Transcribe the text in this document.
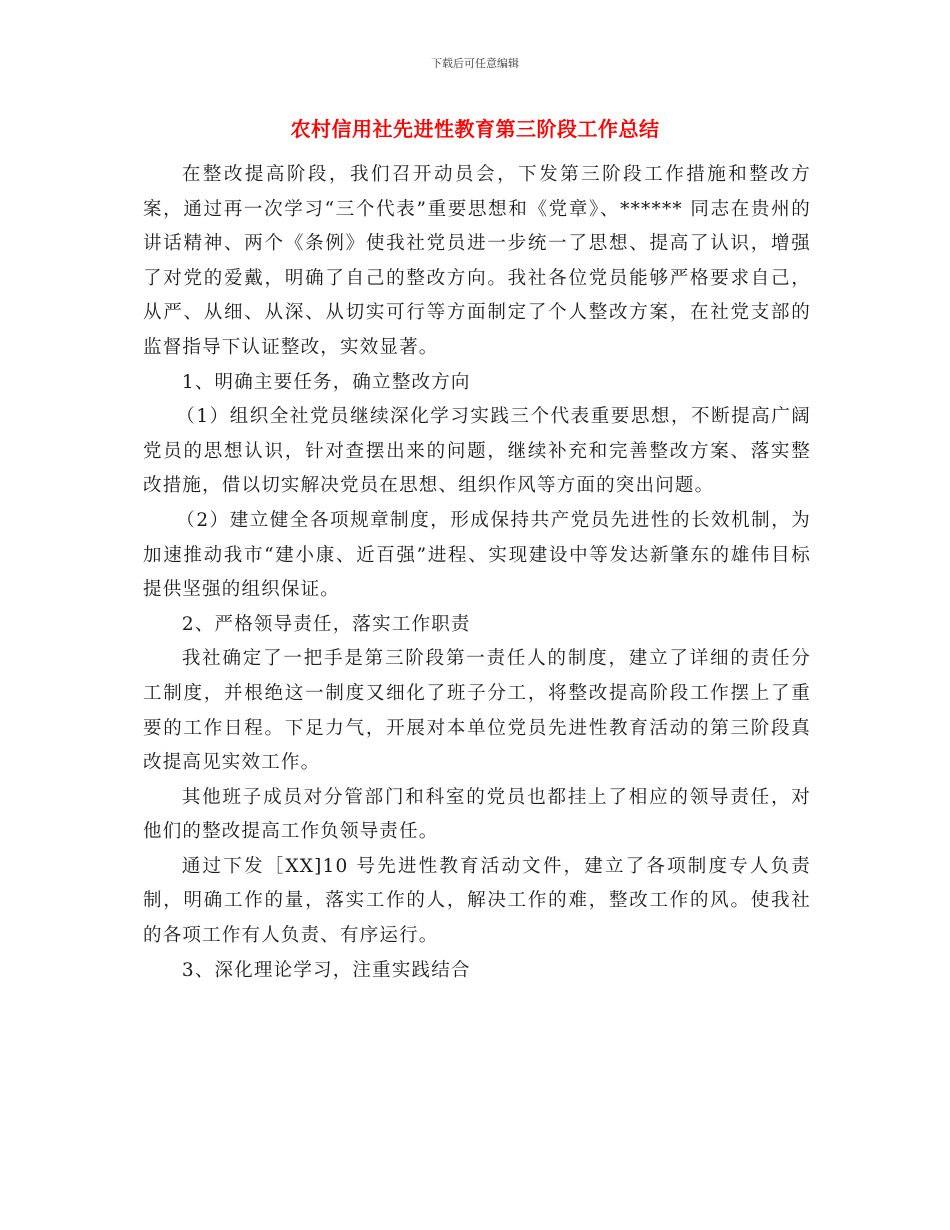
下载后可任意编辑
农村信用社先进性教育第三阶段工作总结

在整改提高阶段，我们召开动员会，下发第三阶段工作措施和整改方案，通过再一次学习“三个代表”重要思想和《党章》、****** 同志在贵州的讲话精神、两个《条例》使我社党员进一步统一了思想、提高了认识，增强了对党的爱戴，明确了自己的整改方向。我社各位党员能够严格要求自己，从严、从细、从深、从切实可行等方面制定了个人整改方案，在社党支部的监督指导下认证整改，实效显著。

1、明确主要任务，确立整改方向

（1）组织全社党员继续深化学习实践三个代表重要思想，不断提高广阔党员的思想认识，针对查摆出来的问题，继续补充和完善整改方案、落实整改措施，借以切实解决党员在思想、组织作风等方面的突出问题。

（2）建立健全各项规章制度，形成保持共产党员先进性的长效机制，为加速推动我市“建小康、近百强”进程、实现建设中等发达新肇东的雄伟目标提供坚强的组织保证。

2、严格领导责任，落实工作职责

我社确定了一把手是第三阶段第一责任人的制度，建立了详细的责任分工制度，并根绝这一制度又细化了班子分工，将整改提高阶段工作摆上了重要的工作日程。下足力气，开展对本单位党员先进性教育活动的第三阶段真改提高见实效工作。

其他班子成员对分管部门和科室的党员也都挂上了相应的领导责任，对他们的整改提高工作负领导责任。

通过下发［XX]10 号先进性教育活动文件，建立了各项制度专人负责制，明确工作的量，落实工作的人，解决工作的难，整改工作的风。使我社的各项工作有人负责、有序运行。

3、深化理论学习，注重实践结合
